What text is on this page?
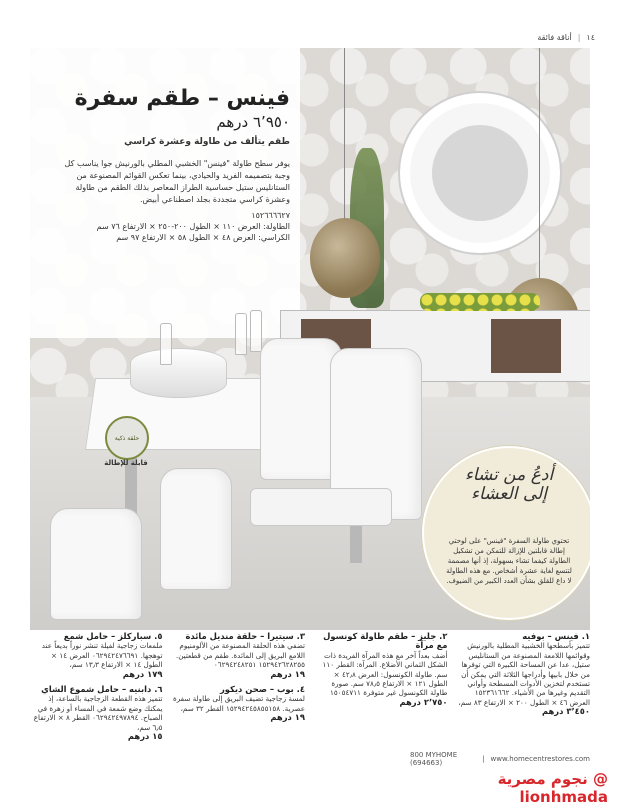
١٤
|
أناقة فائقة
فينس – طقم سفرة
٦٬٩٥٠ درهم
طقم يتألف من طاولة وعشرة كراسي
يوفر سطح طاولة "فينس" الخشبي المطلي بالورنيش جوا يناسب كل وجبة بتصميمه الفريد والحيادي، بينما تعكس القوائم المصنوعة من الستانليس ستيل حساسية الطراز المعاصر بذلك الطقم من طاولة وعشرة كراسي متجددة بجلد اصطناعي أبيض.
١٥٢٦٦٦٦٢٧
الطاولة: العرض ١١٠ × الطول ٢٠٠-٢٥٠ × الارتفاع ٧٦ سم
الكراسي: العرض ٤٨ × الطول ٥٨ × الارتفاع ٩٧ سم
حلقة ذكية
قابلة للإطالة
أدعُ من تشاء
إلى العشاء
تحتوي طاولة السفرة "فينس" على لوحتي إطالة قابلتين للإزالة للتمكن من تشكيل الطاولة كيفما تشاء بسهولة، إذ أنها مصممة لتتسع لغاية عشرة أشخاص. مع هذه الطاولة لا داع للقلق بشأن العدد الكبير من الضيوف.
١. فينس – بوفيه
تتميز بأسطحها الخشبية المطلية بالورنيش وقوائمها اللامعة المصنوعة من الستانليس ستيل، عدا عن المساحة الكبيرة التي توفرها من خلال بابيها وأدراجها الثلاثة التي يمكن أن تستخدم لتخزين الأدوات المسطحة وأواني التقديم وغيرها من الأشياء. ١٥٢٣٦١٦٦٢ العرض ٤٦ × الطول ٢٠٠ × الارتفاع ٨٣ سم،
٣٬٤٥٠ درهم
٢. جليز – طقم طاولة كونسول مع مرآة
أضف بعداً آخر مع هذه المرآة الفريدة ذات الشكل الثماني الأضلاع. المرآة: القطر ١١٠ سم. طاولة الكونسول: العرض ٤٢٫٨ × الطول ١٢١ × الارتفاع ٧٨٫٥ سم. صورة طاولة الكونسول غير متوفرة ١٥٠٥٤٧١١
٢٬٧٥٠ درهم
٣. سيتيرا – حلقة منديل مائدة
تضفي هذه الحلقة المصنوعة من الألومنيوم اللامع البريق إلى المائدة. طقم من قطعتين. ١٥٢٩٤٢٦٢٨٢٥٥ ٠٦٢٩٤٢٤٨٢٥١
١٩ درهم
٤. بوب – صحن ديكور
لمسة زجاجية تضيف البريق إلى طاولة سفرة عصرية. ١٥٢٩٤٢٤٥٨٥٥١٥٨ القطر ٣٢ سم،
١٩ درهم
٥. سباركلز – حامل شمع
ملمعات زجاجية لفيلة تنشر نوراً بديعاً عند توهجها. ٠٦٢٩٤٢٤٧٦٦٩١ العرض ١٤ × الطول ١٤ × الارتفاع ١٣٫٣ سم،
١٧٩ درهم
٦. دابنيه – حامل شموع الشاي
تتميز هذه القطعة الزجاجية بالساعة، إذ يمكنك وضع شمعة في المساء أو زهرة في الصباح. ٠٦٢٩٤٢٤٩٧٨٩٤ القطر ٨ × الارتفاع ٦٫٥ سم،
١٥ درهم
800 MYHOME (694663)	| www.homecentrestores.com
نجوم مصرية @ lionhmada
